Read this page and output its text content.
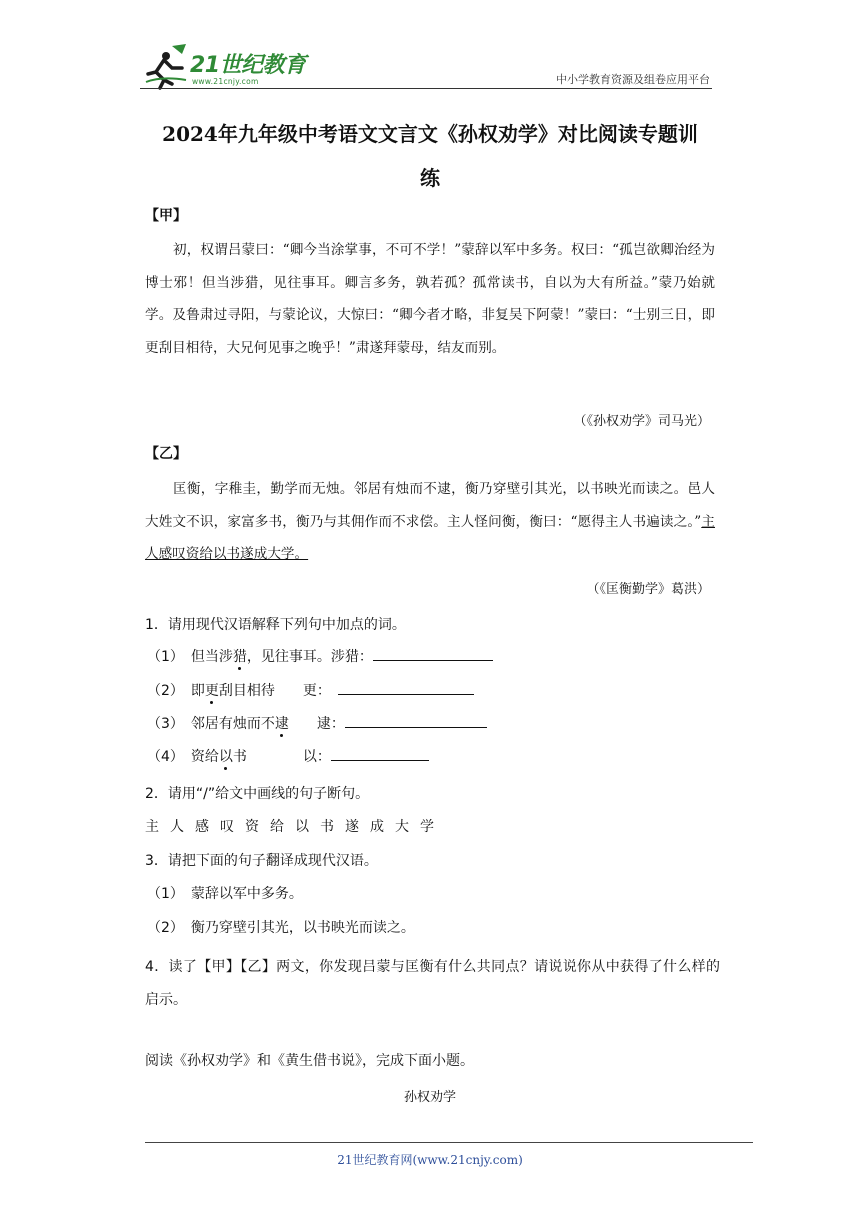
21世纪教育
www.21cnjy.com	中小学教育资源及组卷应用平台
2024年九年级中考语文文言文《孙权劝学》对比阅读专题训
练
【甲】
初，权谓吕蒙曰：“卿今当涂掌事，不可不学！”蒙辞以军中多务。权曰：“孤岂欲卿治经为博士邪！但当涉猎，见往事耳。卿言多务，孰若孤？孤常读书，自以为大有所益。”蒙乃始就学。及鲁肃过寻阳，与蒙论议，大惊曰：“卿今者才略，非复吴下阿蒙！”蒙曰：“士别三日，即更刮目相待，大兄何见事之晚乎！”肃遂拜蒙母，结友而别。
（《孙权劝学》司马光）
【乙】
匡衡，字稚圭，勤学而无烛。邻居有烛而不逮，衡乃穿壁引其光，以书映光而读之。邑人大姓文不识，家富多书，衡乃与其佣作而不求偿。主人怪问衡，衡曰：“愿得主人书遍读之。”主人感叹资给以书遂成大学。
（《匡衡勤学》葛洪）
1．请用现代汉语解释下列句中加点的词。
（1）　 但当涉猎，见往事耳。涉猎：
（2）　 即更刮目相待　　更：　
（3）　 邻居有烛而不逮　　逮：
（4）　 资给以书　　　　以：
2．请用“/”给文中画线的句子断句。
主人感叹资给以书遂成大学
3．请把下面的句子翻译成现代汉语。
（1）　蒙辞以军中多务。
（2）　衡乃穿壁引其光，以书映光而读之。
4．读了【甲】【乙】两文，你发现吕蒙与匡衡有什么共同点？请说说你从中获得了什么样的启示。
阅读《孙权劝学》和《黄生借书说》，完成下面小题。
孙权劝学
21世纪教育网(www.21cnjy.com)
